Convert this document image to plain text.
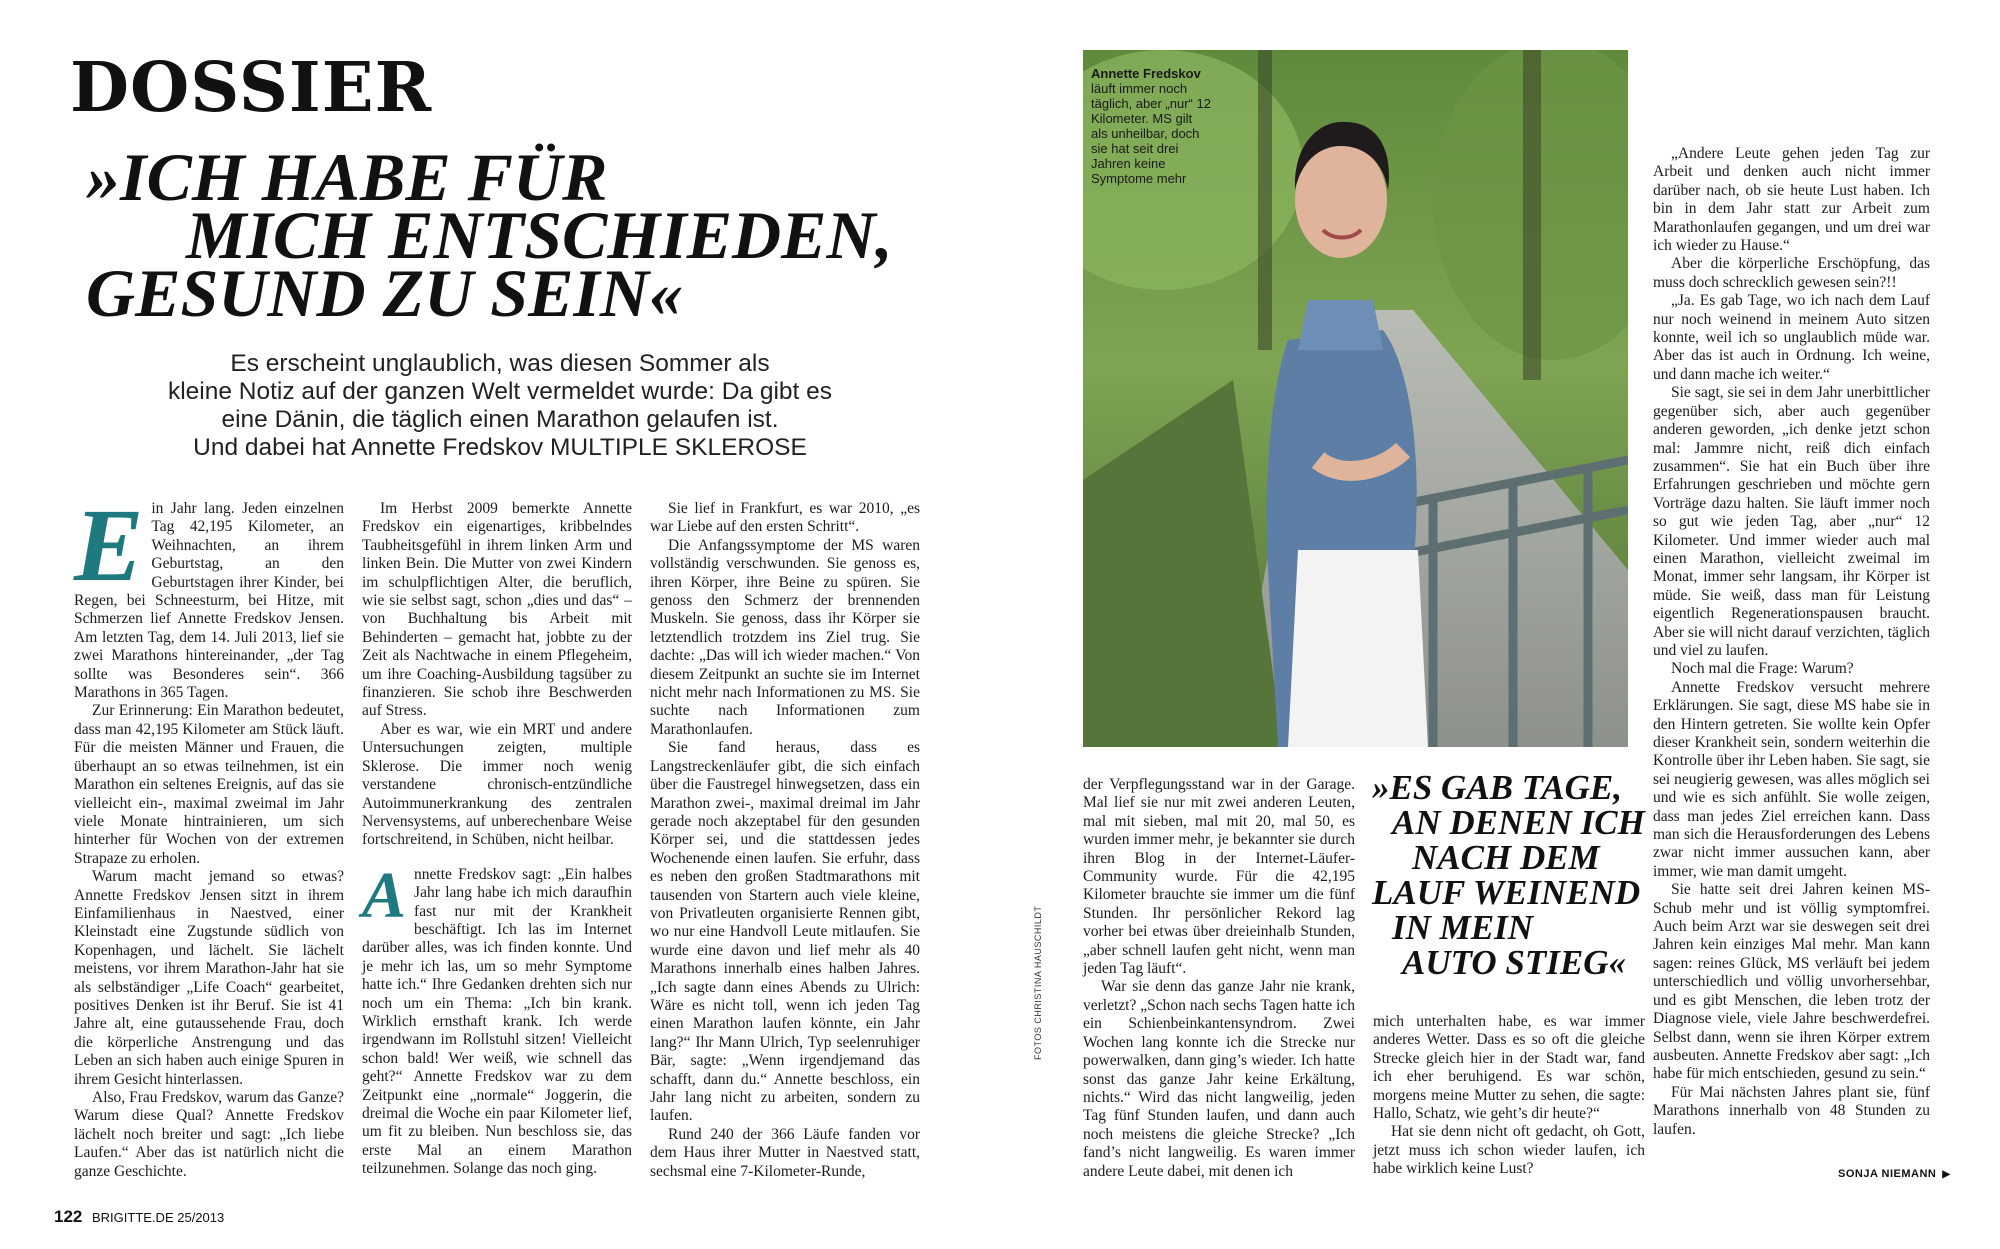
DOSSIER
»ICH HABE FÜR
MICH ENTSCHIEDEN,
GESUND ZU SEIN«

Es erscheint unglaublich, was diesen Sommer als
kleine Notiz auf der ganzen Welt vermeldet wurde: Da gibt es
eine Dänin, die täglich einen Marathon gelaufen ist.
Und dabei hat Annette Fredskov MULTIPLE SKLEROSE

Ein Jahr lang. Jeden einzelnen Tag 42,195 Kilometer, an Weihnachten, an ihrem Geburtstag, an den Geburtstagen ihrer Kinder, bei Regen, bei Schneesturm, bei Hitze, mit Schmerzen lief Annette Fredskov Jensen. Am letzten Tag, dem 14. Juli 2013, lief sie zwei Marathons hintereinander, „der Tag sollte was Besonderes sein“. 366 Marathons in 365 Tagen.

Zur Erinnerung: Ein Marathon bedeutet, dass man 42,195 Kilometer am Stück läuft. Für die meisten Männer und Frauen, die überhaupt an so etwas teilnehmen, ist ein Marathon ein seltenes Ereignis, auf das sie vielleicht ein-, maximal zweimal im Jahr viele Monate hintrainieren, um sich hinterher für Wochen von der extremen Strapaze zu erholen.

Warum macht jemand so etwas? Annette Fredskov Jensen sitzt in ihrem Einfamilienhaus in Naestved, einer Kleinstadt eine Zugstunde südlich von Kopenhagen, und lächelt. Sie lächelt meistens, vor ihrem Marathon-Jahr hat sie als selbständiger „Life Coach“ gearbeitet, positives Denken ist ihr Beruf. Sie ist 41 Jahre alt, eine gutaussehende Frau, doch die körperliche Anstrengung und das Leben an sich haben auch einige Spuren in ihrem Gesicht hinterlassen.

Also, Frau Fredskov, warum das Ganze? Warum diese Qual? Annette Fredskov lächelt noch breiter und sagt: „Ich liebe Laufen.“ Aber das ist natürlich nicht die ganze Geschichte.

Im Herbst 2009 bemerkte Annette Fredskov ein eigenartiges, kribbelndes Taubheitsgefühl in ihrem linken Arm und linken Bein. Die Mutter von zwei Kindern im schulpflichtigen Alter, die beruflich, wie sie selbst sagt, schon „dies und das“ – von Buchhaltung bis Arbeit mit Behinderten – gemacht hat, jobbte zu der Zeit als Nachtwache in einem Pflegeheim, um ihre Coaching-Ausbildung tagsüber zu finanzieren. Sie schob ihre Beschwerden auf Stress.

Aber es war, wie ein MRT und andere Untersuchungen zeigten, multiple Sklerose. Die immer noch wenig verstandene chronisch-entzündliche Autoimmunerkrankung des zentralen Nervensystems, auf unberechenbare Weise fortschreitend, in Schüben, nicht heilbar.

Annette Fredskov sagt: „Ein halbes Jahr lang habe ich mich daraufhin fast nur mit der Krankheit beschäftigt. Ich las im Internet darüber alles, was ich finden konnte. Und je mehr ich las, um so mehr Symptome hatte ich.“ Ihre Gedanken drehten sich nur noch um ein Thema: „Ich bin krank. Wirklich ernsthaft krank. Ich werde irgendwann im Rollstuhl sitzen! Vielleicht schon bald! Wer weiß, wie schnell das geht?“ Annette Fredskov war zu dem Zeitpunkt eine „normale“ Joggerin, die dreimal die Woche ein paar Kilometer lief, um fit zu bleiben. Nun beschloss sie, das erste Mal an einem Marathon teilzunehmen. Solange das noch ging.

Sie lief in Frankfurt, es war 2010, „es war Liebe auf den ersten Schritt“.

Die Anfangssymptome der MS waren vollständig verschwunden. Sie genoss es, ihren Körper, ihre Beine zu spüren. Sie genoss den Schmerz der brennenden Muskeln. Sie genoss, dass ihr Körper sie letztendlich trotzdem ins Ziel trug. Sie dachte: „Das will ich wieder machen.“ Von diesem Zeitpunkt an suchte sie im Internet nicht mehr nach Informationen zu MS. Sie suchte nach Informationen zum Marathonlaufen.

Sie fand heraus, dass es Langstreckenläufer gibt, die sich einfach über die Faustregel hinwegsetzen, dass ein Marathon zwei-, maximal dreimal im Jahr gerade noch akzeptabel für den gesunden Körper sei, und die stattdessen jedes Wochenende einen laufen. Sie erfuhr, dass es neben den großen Stadtmarathons mit tausenden von Startern auch viele kleine, von Privatleuten organisierte Rennen gibt, wo nur eine Handvoll Leute mitlaufen. Sie wurde eine davon und lief mehr als 40 Marathons innerhalb eines halben Jahres. „Ich sagte dann eines Abends zu Ulrich: Wäre es nicht toll, wenn ich jeden Tag einen Marathon laufen könnte, ein Jahr lang?“ Ihr Mann Ulrich, Typ seelenruhiger Bär, sagte: „Wenn irgendjemand das schafft, dann du.“ Annette beschloss, ein Jahr lang nicht zu arbeiten, sondern zu laufen.

Rund 240 der 366 Läufe fanden vor dem Haus ihrer Mutter in Naestved statt, sechsmal eine 7-Kilometer-Runde,

Annette Fredskov
läuft immer noch täglich, aber „nur“ 12 Kilometer. MS gilt als unheilbar, doch sie hat seit drei Jahren keine Symptome mehr
FOTOS CHRISTINA HAUSCHILDT

der Verpflegungsstand war in der Garage. Mal lief sie nur mit zwei anderen Leuten, mal mit sieben, mal mit 20, mal 50, es wurden immer mehr, je bekannter sie durch ihren Blog in der Internet-Läufer-Community wurde. Für die 42,195 Kilometer brauchte sie immer um die fünf Stunden. Ihr persönlicher Rekord lag vorher bei etwas über dreieinhalb Stunden, „aber schnell laufen geht nicht, wenn man jeden Tag läuft“.

War sie denn das ganze Jahr nie krank, verletzt? „Schon nach sechs Tagen hatte ich ein Schienbeinkantensyndrom. Zwei Wochen lang konnte ich die Strecke nur powerwalken, dann ging’s wieder. Ich hatte sonst das ganze Jahr keine Erkältung, nichts.“ Wird das nicht langweilig, jeden Tag fünf Stunden laufen, und dann auch noch meistens die gleiche Strecke? „Ich fand’s nicht langweilig. Es waren immer andere Leute dabei, mit denen ich

»ES GAB TAGE,
AN DENEN ICH
NACH DEM
LAUF WEINEND
IN MEIN
AUTO STIEG«

mich unterhalten habe, es war immer anderes Wetter. Dass es so oft die gleiche Strecke gleich hier in der Stadt war, fand ich eher beruhigend. Es war schön, morgens meine Mutter zu sehen, die sagte: Hallo, Schatz, wie geht’s dir heute?“

Hat sie denn nicht oft gedacht, oh Gott, jetzt muss ich schon wieder laufen, ich habe wirklich keine Lust?

„Andere Leute gehen jeden Tag zur Arbeit und denken auch nicht immer darüber nach, ob sie heute Lust haben. Ich bin in dem Jahr statt zur Arbeit zum Marathonlaufen gegangen, und um drei war ich wieder zu Hause.“

Aber die körperliche Erschöpfung, das muss doch schrecklich gewesen sein?!!

„Ja. Es gab Tage, wo ich nach dem Lauf nur noch weinend in meinem Auto sitzen konnte, weil ich so unglaublich müde war. Aber das ist auch in Ordnung. Ich weine, und dann mache ich weiter.“

Sie sagt, sie sei in dem Jahr unerbittlicher gegenüber sich, aber auch gegenüber anderen geworden, „ich denke jetzt schon mal: Jammre nicht, reiß dich einfach zusammen“. Sie hat ein Buch über ihre Erfahrungen geschrieben und möchte gern Vorträge dazu halten. Sie läuft immer noch so gut wie jeden Tag, aber „nur“ 12 Kilometer. Und immer wieder auch mal einen Marathon, vielleicht zweimal im Monat, immer sehr langsam, ihr Körper ist müde. Sie weiß, dass man für Leistung eigentlich Regenerationspausen braucht. Aber sie will nicht darauf verzichten, täglich und viel zu laufen.

Noch mal die Frage: Warum?

Annette Fredskov versucht mehrere Erklärungen. Sie sagt, diese MS habe sie in den Hintern getreten. Sie wollte kein Opfer dieser Krankheit sein, sondern weiterhin die Kontrolle über ihr Leben haben. Sie sagt, sie sei neugierig gewesen, was alles möglich sei und wie es sich anfühlt. Sie wolle zeigen, dass man jedes Ziel erreichen kann. Dass man sich die Herausforderungen des Lebens zwar nicht immer aussuchen kann, aber immer, wie man damit umgeht.

Sie hatte seit drei Jahren keinen MS-Schub mehr und ist völlig symptomfrei. Auch beim Arzt war sie deswegen seit drei Jahren kein einziges Mal mehr. Man kann sagen: reines Glück, MS verläuft bei jedem unterschiedlich und völlig unvorhersehbar, und es gibt Menschen, die leben trotz der Diagnose viele, viele Jahre beschwerdefrei. Selbst dann, wenn sie ihren Körper extrem ausbeuten. Annette Fredskov aber sagt: „Ich habe für mich entschieden, gesund zu sein.“

Für Mai nächsten Jahres plant sie, fünf Marathons innerhalb von 48 Stunden zu laufen.

SONJA NIEMANN ▶
122 BRIGITTE.DE 25/2013
